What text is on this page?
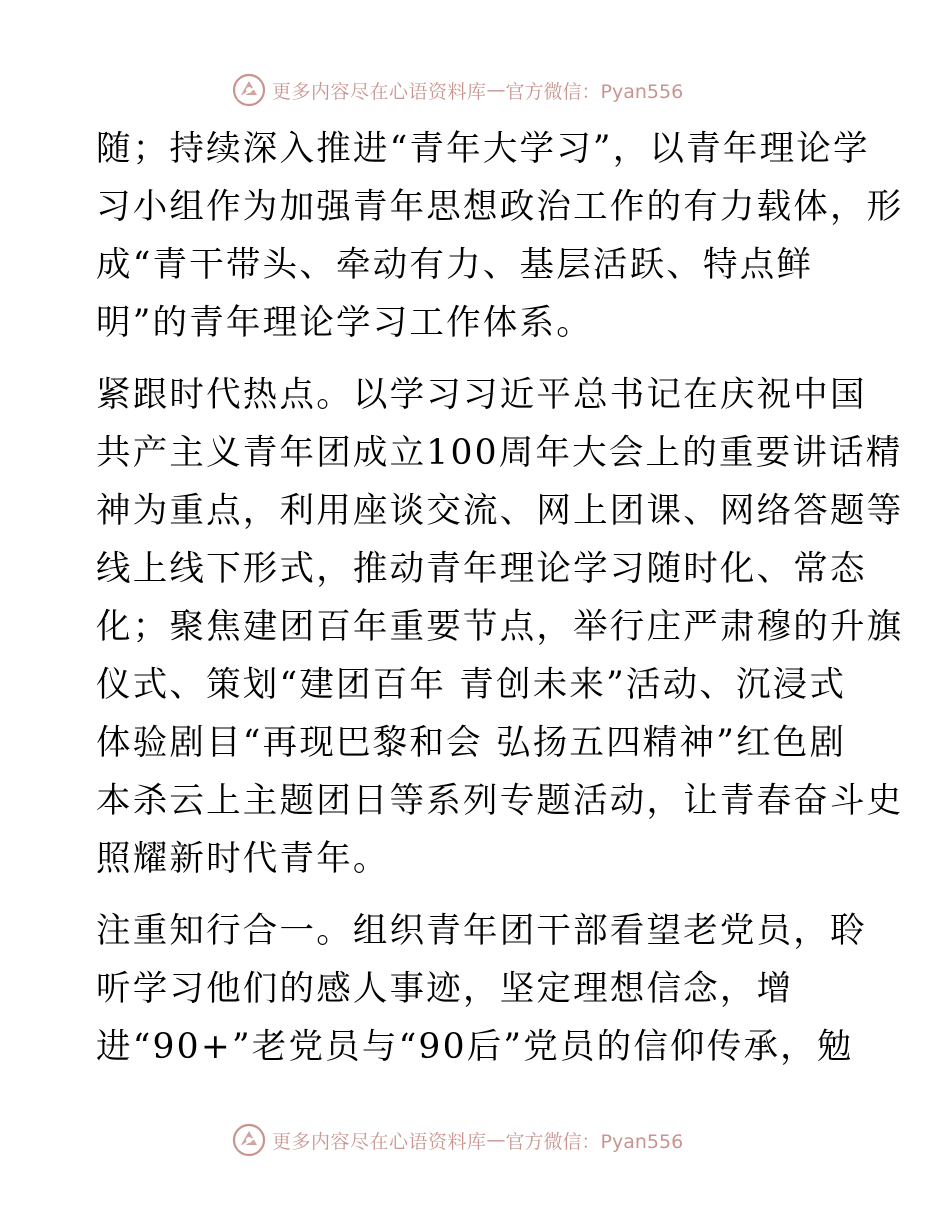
更多内容尽在心语资料库 — 官方微信：Pyan556
随；持续深入推进“青年大学习”，以青年理论学
习小组作为加强青年思想政治工作的有力载体，形
成“青干带头、牵动有力、基层活跃、特点鲜
明”的青年理论学习工作体系。
紧跟时代热点。以学习习近平总书记在庆祝中国
共产主义青年团成立100周年大会上的重要讲话精
神为重点，利用座谈交流、网上团课、网络答题等
线上线下形式，推动青年理论学习随时化、常态
化；聚焦建团百年重要节点，举行庄严肃穆的升旗
仪式、策划“建团百年 青创未来”活动、沉浸式
体验剧目“再现巴黎和会 弘扬五四精神”红色剧
本杀云上主题团日等系列专题活动，让青春奋斗史
照耀新时代青年。
注重知行合一。组织青年团干部看望老党员，聆
听学习他们的感人事迹，坚定理想信念，增
进“90+”老党员与“90后”党员的信仰传承，勉
更多内容尽在心语资料库 — 官方微信：Pyan556
